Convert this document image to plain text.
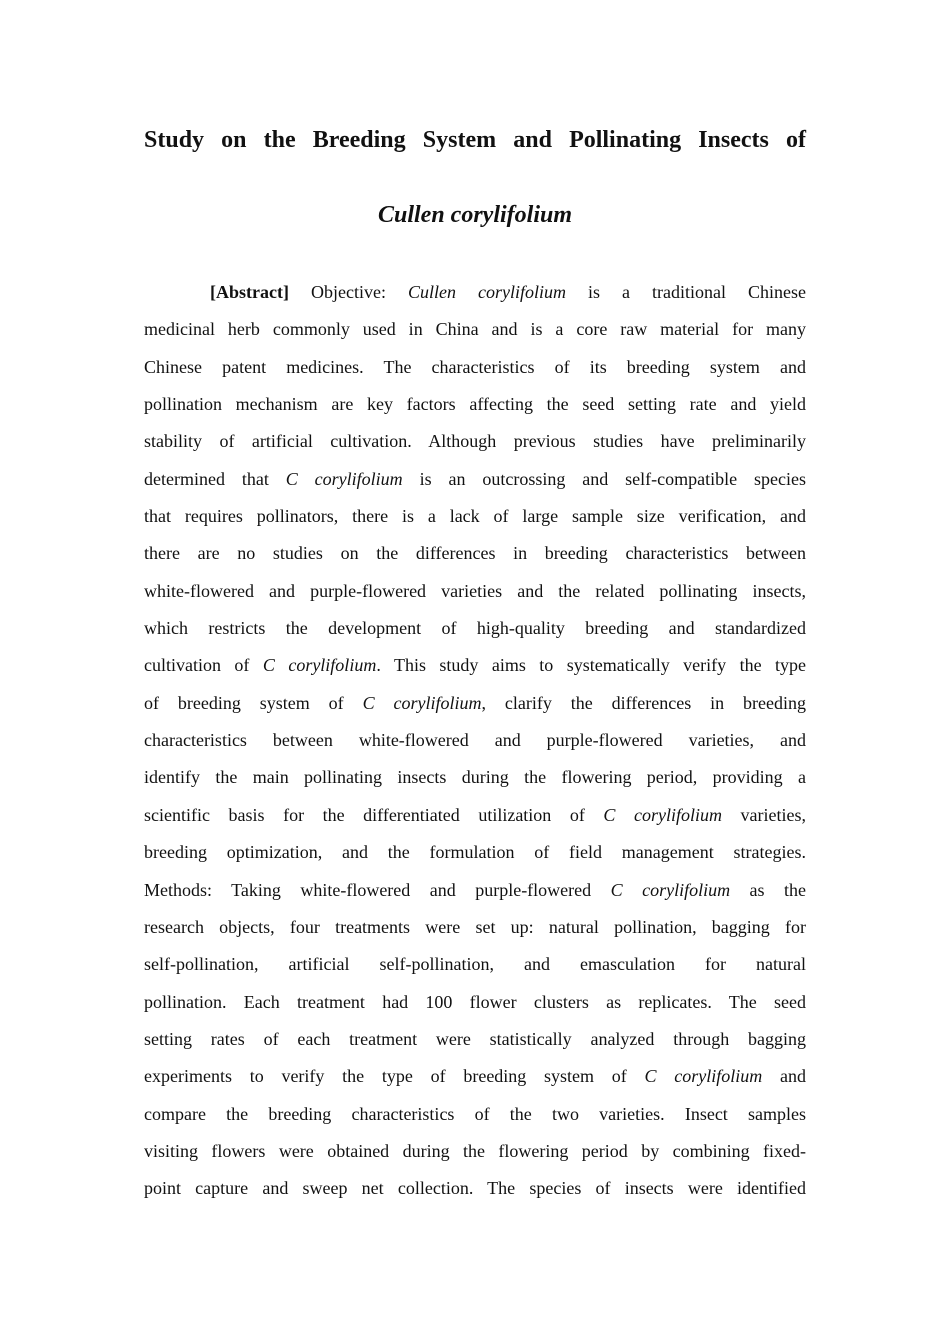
Study on the Breeding System and Pollinating Insects of
Cullen corylifolium
[Abstract] Objective: Cullen corylifolium is a traditional Chinese
medicinal herb commonly used in China and is a core raw material for many
Chinese patent medicines. The characteristics of its breeding system and
pollination mechanism are key factors affecting the seed setting rate and yield
stability of artificial cultivation. Although previous studies have preliminarily
determined that C corylifolium is an outcrossing and self-compatible species
that requires pollinators, there is a lack of large sample size verification, and
there are no studies on the differences in breeding characteristics between
white-flowered and purple-flowered varieties and the related pollinating insects,
which restricts the development of high-quality breeding and standardized
cultivation of C corylifolium. This study aims to systematically verify the type
of breeding system of C corylifolium, clarify the differences in breeding
characteristics between white-flowered and purple-flowered varieties, and
identify the main pollinating insects during the flowering period, providing a
scientific basis for the differentiated utilization of C corylifolium varieties,
breeding optimization, and the formulation of field management strategies.
Methods: Taking white-flowered and purple-flowered C corylifolium as the
research objects, four treatments were set up: natural pollination, bagging for
self-pollination, artificial self-pollination, and emasculation for natural
pollination. Each treatment had 100 flower clusters as replicates. The seed
setting rates of each treatment were statistically analyzed through bagging
experiments to verify the type of breeding system of C corylifolium and
compare the breeding characteristics of the two varieties. Insect samples
visiting flowers were obtained during the flowering period by combining fixed-
point capture and sweep net collection. The species of insects were identified
